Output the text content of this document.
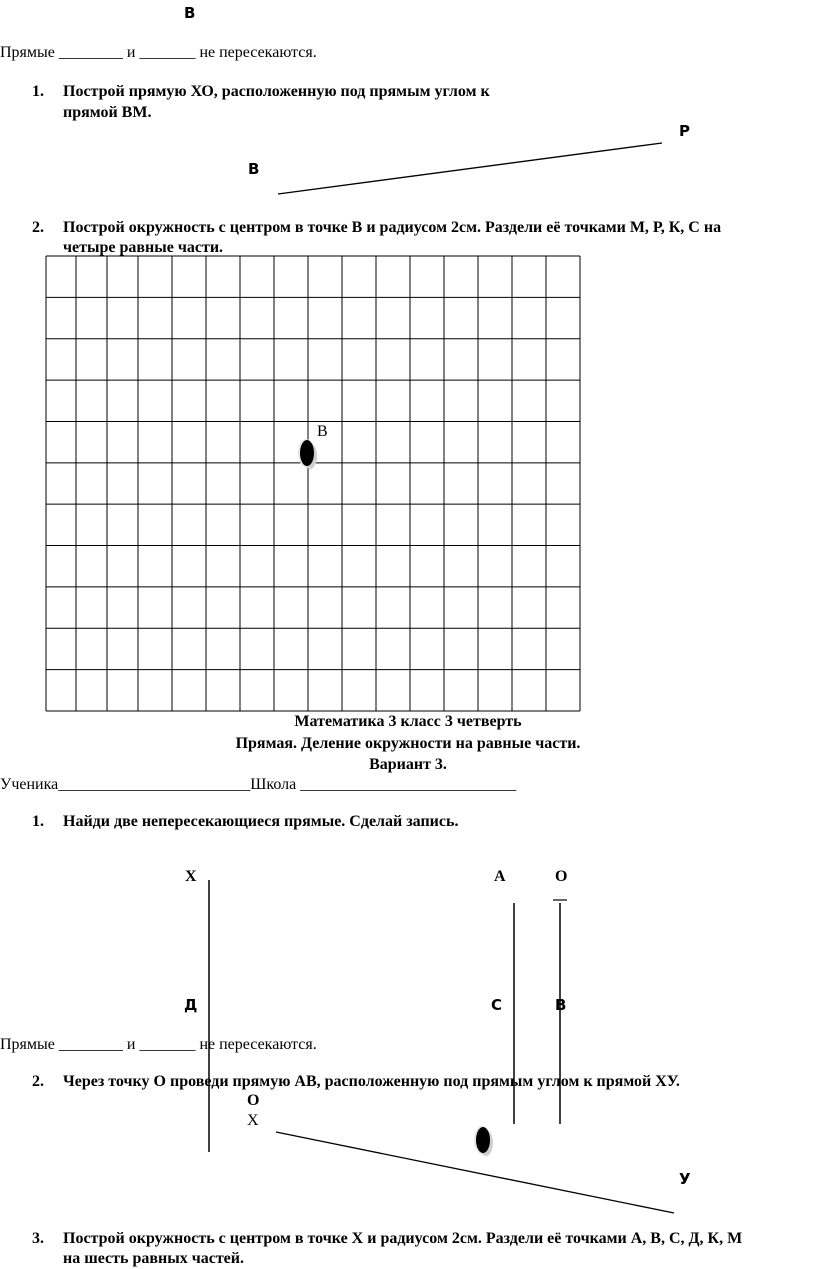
В
Прямые ________ и _______ не пересекаются.
1. Построй прямую ХО, расположенную под прямым углом к
прямой ВМ.
Р
В
2. Построй окружность с центром в точке В и радиусом 2см. Раздели её точками М, Р, К, С на
четыре равные части.
В
Математика 3 класс 3 четверть
Прямая. Деление окружности на равные части.
Вариант 3.
Ученика________________________Школа ___________________________
1. Найди две непересекающиеся прямые. Сделай запись.
Х	А	О
Д	С	В
Прямые ________ и _______ не пересекаются.
2. Через точку О проведи прямую АВ, расположенную под прямым углом к прямой ХУ.
О
Х
У
3. Построй окружность с центром в точке Х и радиусом 2см. Раздели её точками А, В, С, Д, К, М
на шесть равных частей.
